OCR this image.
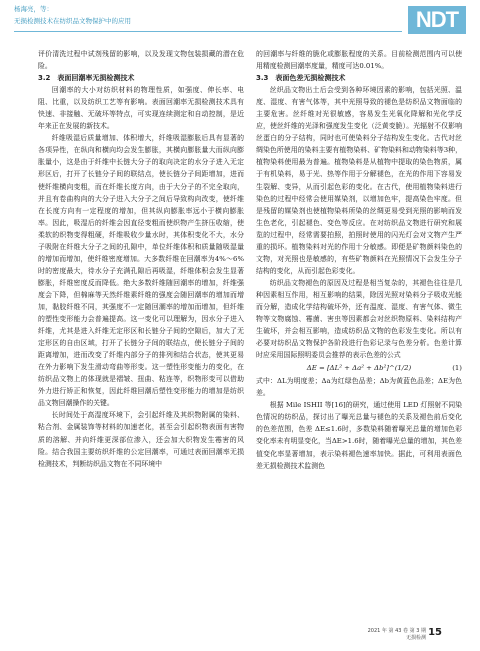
杨海亮，等：
无损检测技术在纺织品文物保护中的应用	NDT

评价清洗过程中试剂残留的影响，以及发现文物包装损藏的潜在危险。

3.2　表面回潮率无损检测技术

回潮率的大小对纺织材料的物理性质，如强度、伸长率、电阻、比重，以及纺织工艺等有影响。表面回潮率无损检测技术具有快速、非接触、无破坏等特点，可实现连续测定和自动控制，是近年来正在发展的新技术。

纤维吸湿后质量增加、体积增大，纤维吸湿膨胀后具有显著的各项异性，在纵向和横向均会发生膨胀，其横向膨胀量大而纵向膨胀量小，这是由于纤维中长链大分子的取向决定的水分子进入无定形区后，打开了长链分子间的联结点，使长链分子间距增加，进而使纤维横向变粗，而在纤维长度方向，由于大分子的不完全取向，并且有卷曲构向的大分子进入大分子之间后导致构向改变，使纤维在长度方向有一定程度的增加，但其纵向膨胀率远小于横向膨胀率。因此，吸湿后的纤维会因直径变粗而使织物产生挤压收缩，使柔软的织物变得粗硬，纤维吸收少量水时，其体积变化不大，水分子吸附在纤维大分子之间的孔隙中，单位纤维体积和质量随吸湿量的增加而增加，使纤维密度增加。大多数纤维在回潮率为4%～6%时的密度最大，待水分子充满孔隙后再吸湿，纤维体积会发生显著膨胀，纤维密度反而降低。绝大多数纤维随回潮率的增加，纤维强度会下降，但棉麻等天然纤维素纤维的强度会随回潮率的增加而增加，黏胶纤维不同，其强度不一定随回潮率的增加而增加，但纤维的塑性变形能力会普遍提高。这一变化可以理解为，因水分子进入纤维，尤其是进入纤维无定形区和长链分子间的空隙后，加大了无定形区的自由区域，打开了长链分子间的联结点，使长链分子间的距离增加，进而改变了纤维内部分子的排列和结合状态，使其更易在外力影响下发生滑动弯曲等形变。这一塑性形变能力的变化，在纺织品文物上的体现就是褶皱、扭曲、粘连等，织物形变可以借助外力进行矫正和恢复，因此纤维回潮后塑性变形能力的增加是纺织品文物回潮操作的关键。

长时间处于高湿度环境下，会引起纤维及其织物附属的染料、粘合剂、金属装饰等材料的加速老化，甚至会引起织物表面有害物质的溶解、并向纤维更深部位渗入，还会加大织物发生霉害的风险。结合我国主要纺织纤维的公定回潮率，可通过表面回潮率无损检测技术，判断纺织品文物在不同环境中

的回潮率与纤维的脆化或膨胀程度的关系。目前检测范围内可以使用精度检测回潮率度量，精度可达0.01%。

3.3　表面色差无损检测技术

丝织品文物出土后会受到各种环境因素的影响，包括光照、温度、湿度、有害气体等，其中光照导致的褪色是纺织品文物面临的主要危害。丝纤维对光很敏感，容易发生光氧化降解和光化学反应，使丝纤维的光泽和强度发生变化（泛黄变脆）。光辐射不仅影响丝蛋白的分子结构，同时也可使染料分子结构发生变化。古代对丝绸染色所使用的染料主要有植物染料、矿物染料和动物染料等3种，植物染料使用最为普遍。植物染料是从植物中提取的染色物质，属于有机染料，易于光、热等作用于分解褪色，在光的作用下容易发生裂解、变异，从而引起色彩的变化。在古代，使用植物染料进行染色的过程中经常会使用媒染剂，以增加色牢，提高染色牢度。但是残留的媒染剂也使植物染料所染的丝绸更易受到光照的影响而发生色老化，引起褪色、变色等反应。在对纺织品文物进行研究和展览的过程中，经常需要拍照，拍照时使用的闪光灯会对文物产生严重的损坏。植物染料对光的作用十分敏感。即便是矿物颜料染色的文物，对光照也是敏感的，有些矿物颜料在光照情况下会发生分子结构的变化，从而引起色彩变化。

纺织品文物褪色的原因及过程是相当复杂的，其褪色往往是几种因素相互作用，相互影响的结果，除因光照对染料分子吸收光能而分解，造成化学结构破坏外，还有温度、湿度、有害气体、微生物等文物腐蚀、霉菌、害虫等因素都会对丝织物原料、染料结构产生破坏，并会相互影响，造成纺织品文物的色彩发生变化。所以有必要对纺织品文物保护各阶段进行色彩记录与色差分析。色差计算时应采用国际照明委员会推荐的表示色差的公式

ΔE = [ΔL² + Δa² + Δb²]^(1/2)	(1)

式中：ΔL为明度差；Δa为红绿色品差；Δb为黄蓝色品差；ΔE为色差。

根据 Mile ISHII 等[16]的研究，通过使用 LED 灯照射不同染色情况的纺织品，探讨出了曝光总量与褪色的关系及褪色前后变化的色差范围，色差 ΔE≤1.6时，多数染料随着曝光总量的增加色彩变化率未有明显变化，当ΔE>1.6时，随着曝光总量的增加，其色差值变化率显著增加，表示染料褪色速率加快。据此，可利用表面色差无损检测技术监测色

2021 年 第 43 卷 第 3 期
无损检测 15
